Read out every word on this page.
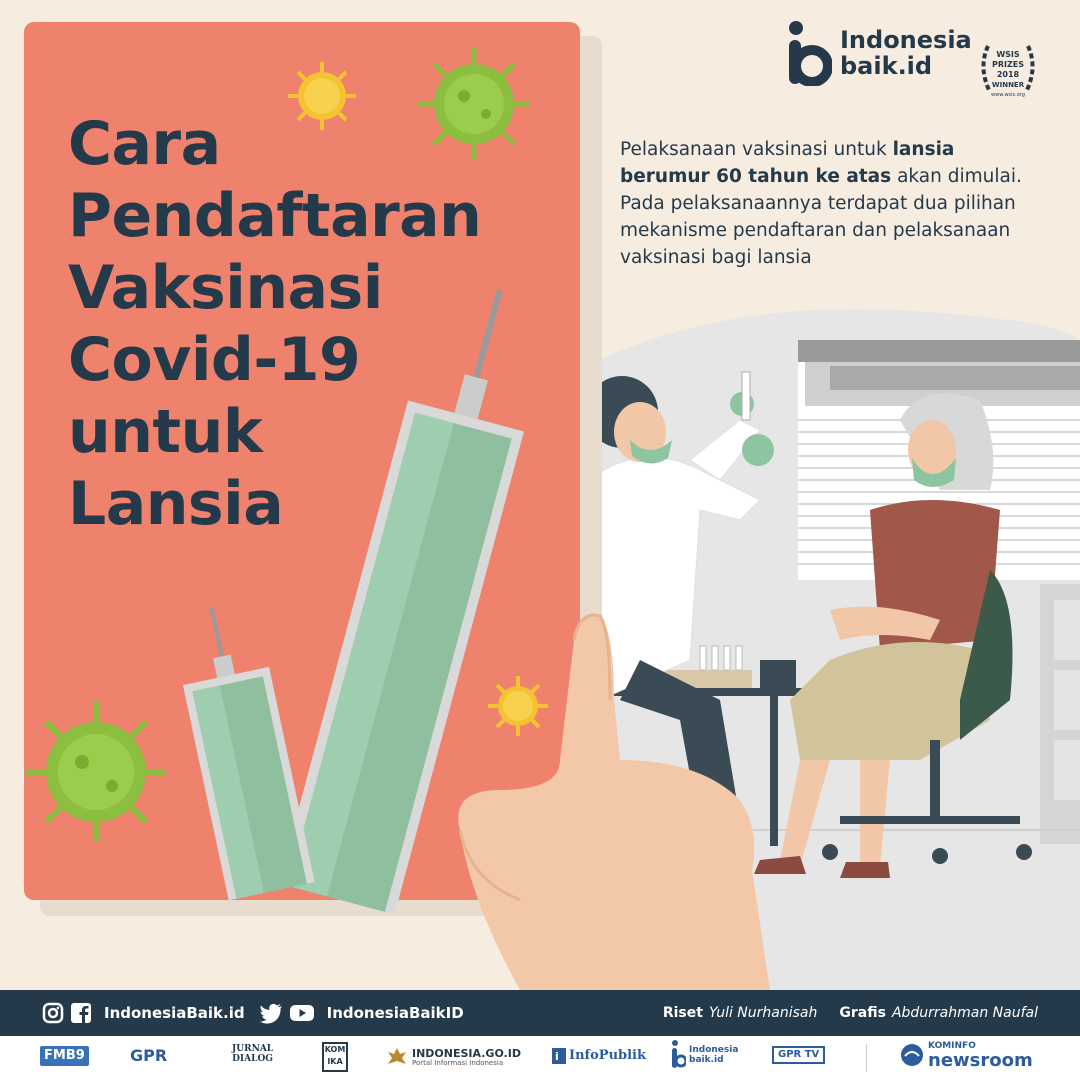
Cara
Pendaftaran
Vaksinasi
Covid-19
untuk
Lansia
Indonesia
baik.id	WSIS
PRIZES
2018
WINNER
www.wsis.org

Pelaksanaan vaksinasi untuk lansia berumur 60 tahun ke atas akan dimulai. Pada pelaksanaannya terdapat dua pilihan mekanisme pendaftaran dan pelaksanaan vaksinasi bagi lansia

IndonesiaBaik.id	IndonesiaBaikID	Riset Yuli Nurhanisah Grafis Abdurrahman Naufal
FMB9	GPR	JURNAL
DIALOG
KOM IKA
INDONESIA.GO.ID
Portal Informasi Indonesia	i InfoPublik	Indonesia
baik.id	GPR TV
KOMINFO
newsroom
